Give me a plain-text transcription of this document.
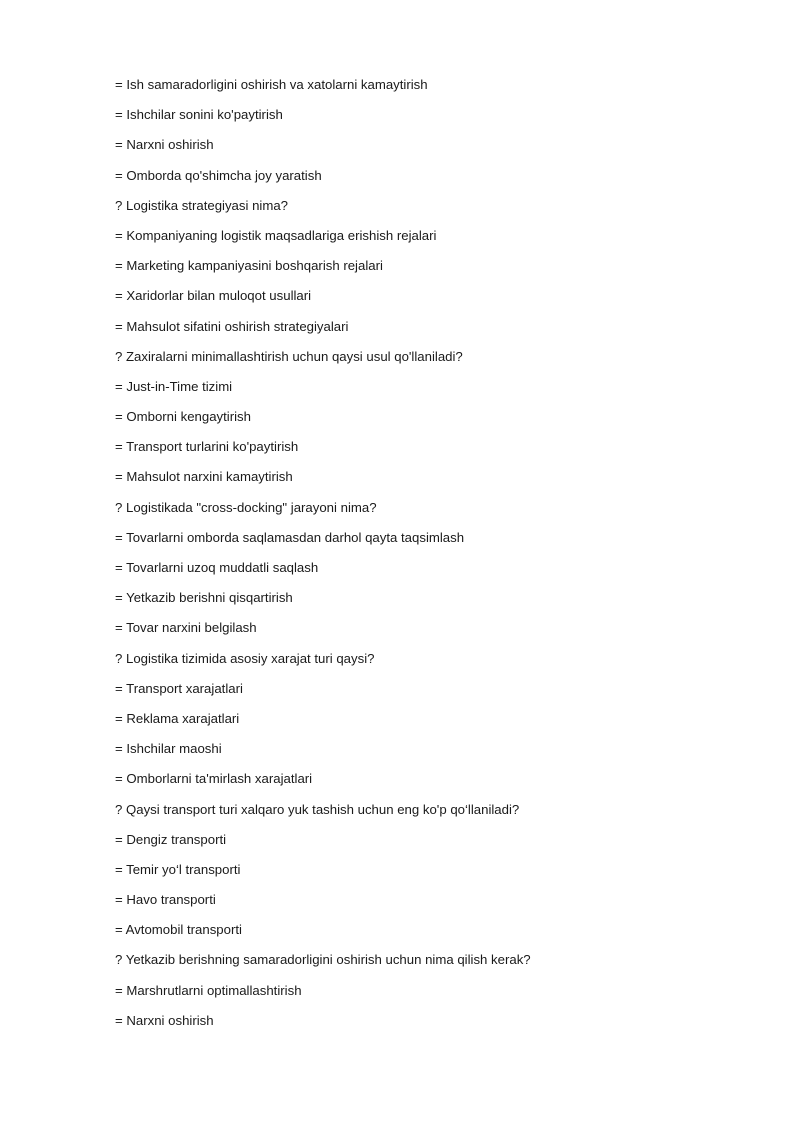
= Ish samaradorligini oshirish va xatolarni kamaytirish
= Ishchilar sonini ko'paytirish
= Narxni oshirish
= Omborda qo'shimcha joy yaratish
? Logistika strategiyasi nima?
= Kompaniyaning logistik maqsadlariga erishish rejalari
= Marketing kampaniyasini boshqarish rejalari
= Xaridorlar bilan muloqot usullari
= Mahsulot sifatini oshirish strategiyalari
? Zaxiralarni minimallashtirish uchun qaysi usul qo'llaniladi?
= Just-in-Time tizimi
= Omborni kengaytirish
= Transport turlarini ko'paytirish
= Mahsulot narxini kamaytirish
? Logistikada "cross-docking" jarayoni nima?
= Tovarlarni omborda saqlamasdan darhol qayta taqsimlash
= Tovarlarni uzoq muddatli saqlash
= Yetkazib berishni qisqartirish
= Tovar narxini belgilash
? Logistika tizimida asosiy xarajat turi qaysi?
= Transport xarajatlari
= Reklama xarajatlari
= Ishchilar maoshi
= Omborlarni ta'mirlash xarajatlari
? Qaysi transport turi xalqaro yuk tashish uchun eng ko'p qo‘llaniladi?
= Dengiz transporti
= Temir yo‘l transporti
= Havo transporti
= Avtomobil transporti
? Yetkazib berishning samaradorligini oshirish uchun nima qilish kerak?
= Marshrutlarni optimallashtirish
= Narxni oshirish
